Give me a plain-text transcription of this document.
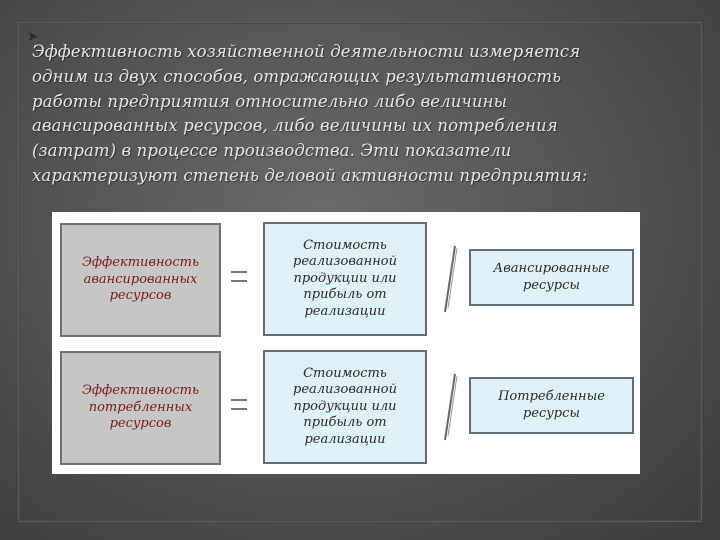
➤
Эффективность хозяйственной деятельности измеряется
одним из двух способов, отражающих результативность
работы предприятия относительно либо величины
авансированных ресурсов, либо величины их потребления
(затрат) в процессе производства. Эти показатели
характеризуют степень деловой активности предприятия:
Эффективность
авансированных
ресурсов
Стоимость
реализованной
продукции или
прибыль от
реализации
Авансированные
ресурсы
Эффективность
потребленных
ресурсов
Стоимость
реализованной
продукции или
прибыль от
реализации
Потребленные
ресурсы
